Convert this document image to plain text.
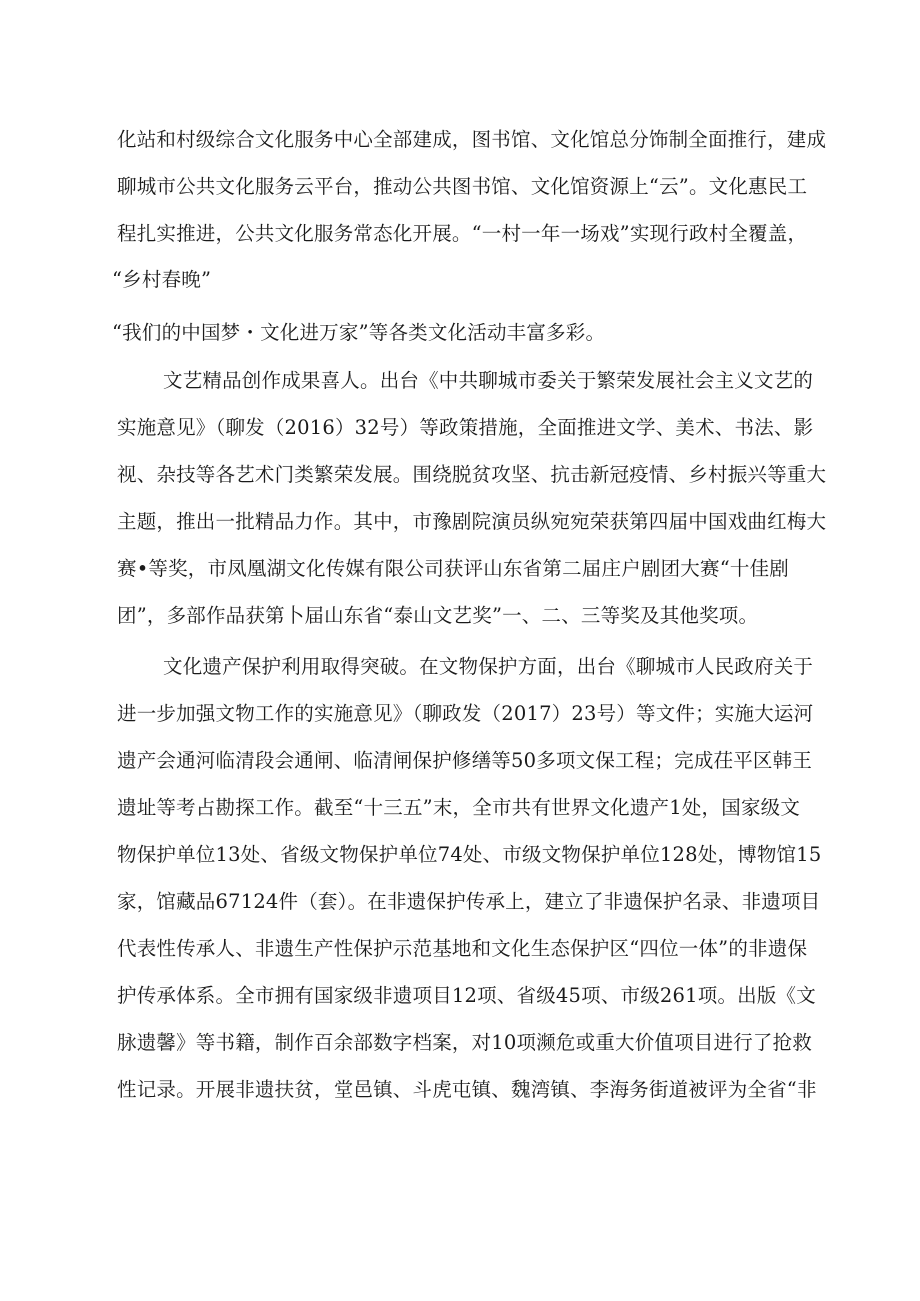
化站和村级综合文化服务中心全部建成，图书馆、文化馆总分饰制全面推行，建成
聊城市公共文化服务云平台，推动公共图书馆、文化馆资源上“云”。文化惠民工
程扎实推进，公共文化服务常态化开展。“一村一年一场戏”实现行政村全覆盖，
“乡村春晚”
“我们的中国梦・文化进万家”等各类文化活动丰富多彩。
文艺精品创作成果喜人。出台《中共聊城市委关于繁荣发展社会主义文艺的
实施意见》（聊发（2016）32号）等政策措施，全面推进文学、美术、书法、影
视、杂技等各艺术门类繁荣发展。围绕脱贫攻坚、抗击新冠疫情、乡村振兴等重大
主题，推出一批精品力作。其中，市豫剧院演员纵宛宛荣获第四届中国戏曲红梅大
赛•等奖，市凤凰湖文化传媒有限公司获评山东省第二届庄户剧团大赛“十佳剧
团”，多部作品获第卜届山东省“泰山文艺奖”一、二、三等奖及其他奖项。
文化遗产保护利用取得突破。在文物保护方面，出台《聊城市人民政府关于
进一步加强文物工作的实施意见》（聊政发（2017）23号）等文件；实施大运河
遗产会通河临清段会通闸、临清闸保护修缮等50多项文保工程；完成茌平区韩王
遗址等考占勘探工作。截至“十三五”末，全市共有世界文化遗产1处，国家级文
物保护单位13处、省级文物保护单位74处、市级文物保护单位128处，博物馆15
家，馆藏品67124件（套）。在非遗保护传承上，建立了非遗保护名录、非遗项目
代表性传承人、非遗生产性保护示范基地和文化生态保护区“四位一体”的非遗保
护传承体系。全市拥有国家级非遗项目12项、省级45项、市级261项。出版《文
脉遗馨》等书籍，制作百余部数字档案，对10项濒危或重大价值项目进行了抢救
性记录。开展非遗扶贫，堂邑镇、斗虎屯镇、魏湾镇、李海务街道被评为全省“非
